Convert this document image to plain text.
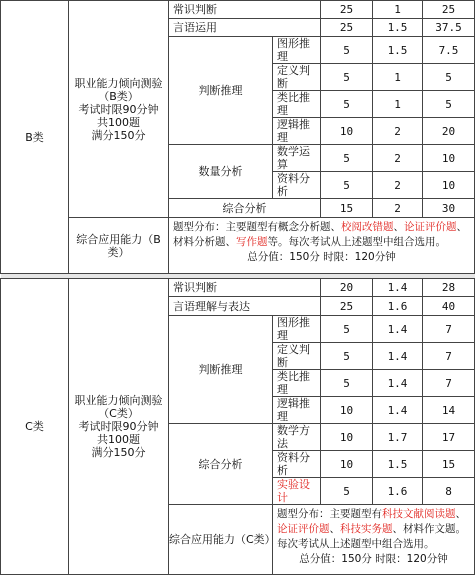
B类	职业能力倾向测验
（B类）
考试时限90分钟
共100题
满分150分	常识判断		25	1	25
		言语运用		25	1.5	37.5
		判断推理	图形推理	5	1.5	7.5
			定义判断	5	1	5
			类比推理	5	1	5
			逻辑推理	10	2	20
		数量分析	数学运算	5	2	10
			资料分析	5	2	10
		综合分析		15	2	30
	综合应用能力（B类）	题型分布：主要题型有概念分析题、校阅改错题、论证评价题、材料分析题、写作题等。每次考试从上述题型中组合选用。
总分值：150分 时限：120分钟				

C类	职业能力倾向测验
（C类）
考试时限90分钟
共100题
满分150分	常识判断		20	1.4	28
		言语理解与表达		25	1.6	40
		判断推理	图形推理	5	1.4	7
			定义判断	5	1.4	7
			类比推理	5	1.4	7
			逻辑推理	10	1.4	14
		综合分析	数学方法	10	1.7	17
			资料分析	10	1.5	15
			实验设计	5	1.6	8
		综合应用能力（C类）	题型分布：主要题型有科技文献阅读题、论证评价题、科技实务题、材料作文题。每次考试从上述题型中组合选用。
总分值：150分 时限：120分钟			
